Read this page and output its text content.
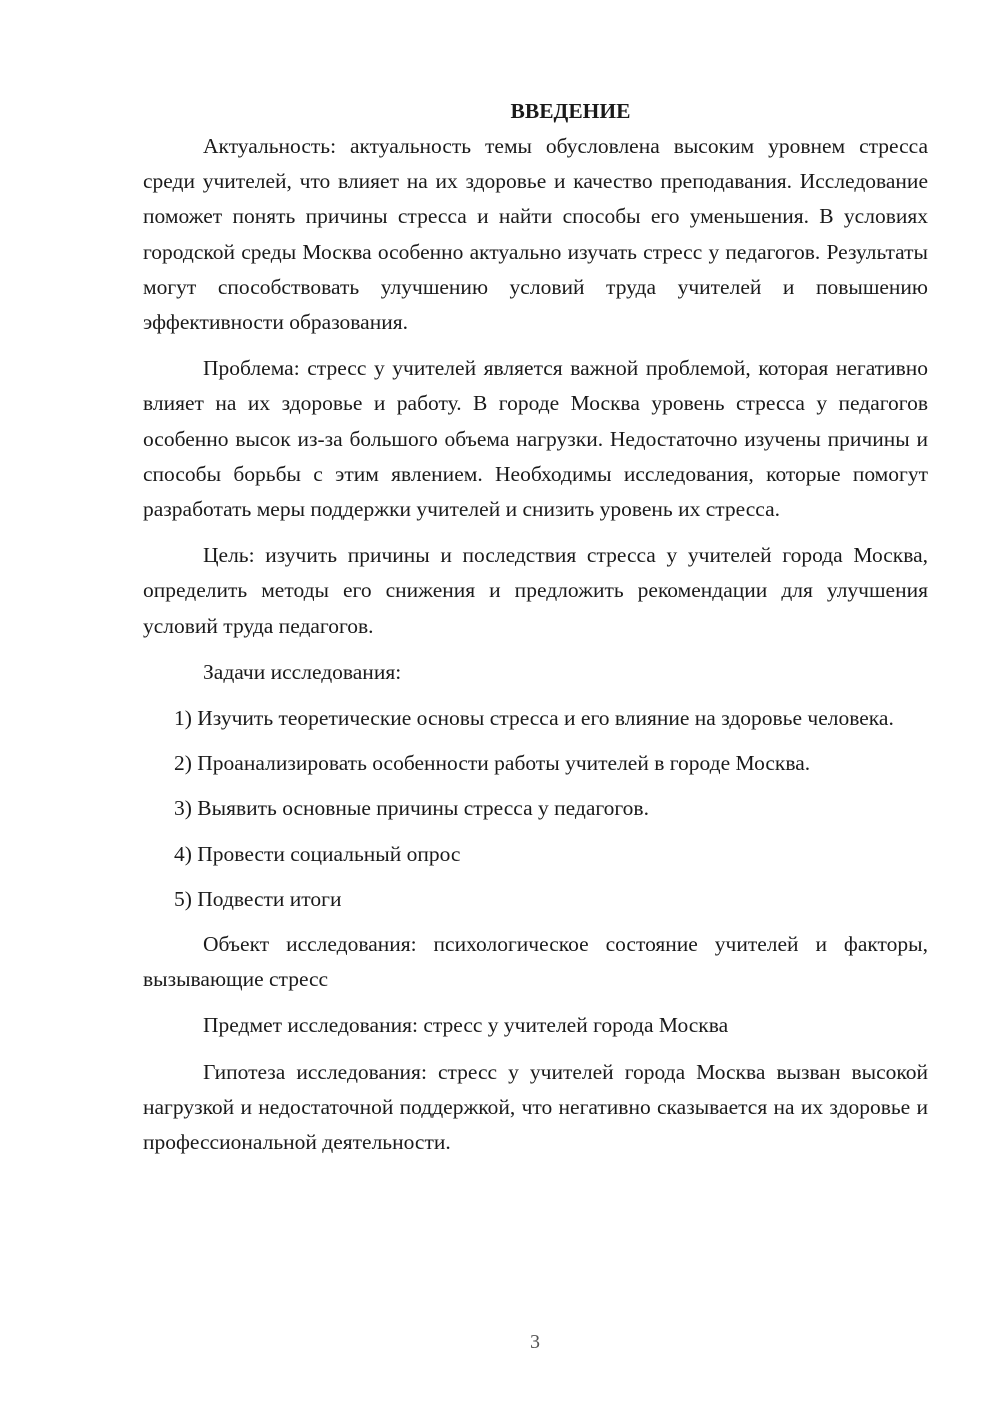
ВВЕДЕНИЕ

Актуальность: актуальность темы обусловлена высоким уровнем стресса среди учителей, что влияет на их здоровье и качество преподавания. Исследование поможет понять причины стресса и найти способы его уменьшения. В условиях городской среды Москва особенно актуально изучать стресс у педагогов. Результаты могут способствовать улучшению условий труда учителей и повышению эффективности образования.

Проблема: стресс у учителей является важной проблемой, которая негативно влияет на их здоровье и работу. В городе Москва уровень стресса у педагогов особенно высок из-за большого объема нагрузки. Недостаточно изучены причины и способы борьбы с этим явлением. Необходимы исследования, которые помогут разработать меры поддержки учителей и снизить уровень их стресса.

Цель: изучить причины и последствия стресса у учителей города Москва, определить методы его снижения и предложить рекомендации для улучшения условий труда педагогов.

Задачи исследования:

1) Изучить теоретические основы стресса и его влияние на здоровье человека.

2) Проанализировать особенности работы учителей в городе Москва.

3) Выявить основные причины стресса у педагогов.

4) Провести социальный опрос

5) Подвести итоги

Объект исследования: психологическое состояние учителей и факторы, вызывающие стресс

Предмет исследования: стресс у учителей города Москва

Гипотеза исследования: стресс у учителей города Москва вызван высокой нагрузкой и недостаточной поддержкой, что негативно сказывается на их здоровье и профессиональной деятельности.

3
